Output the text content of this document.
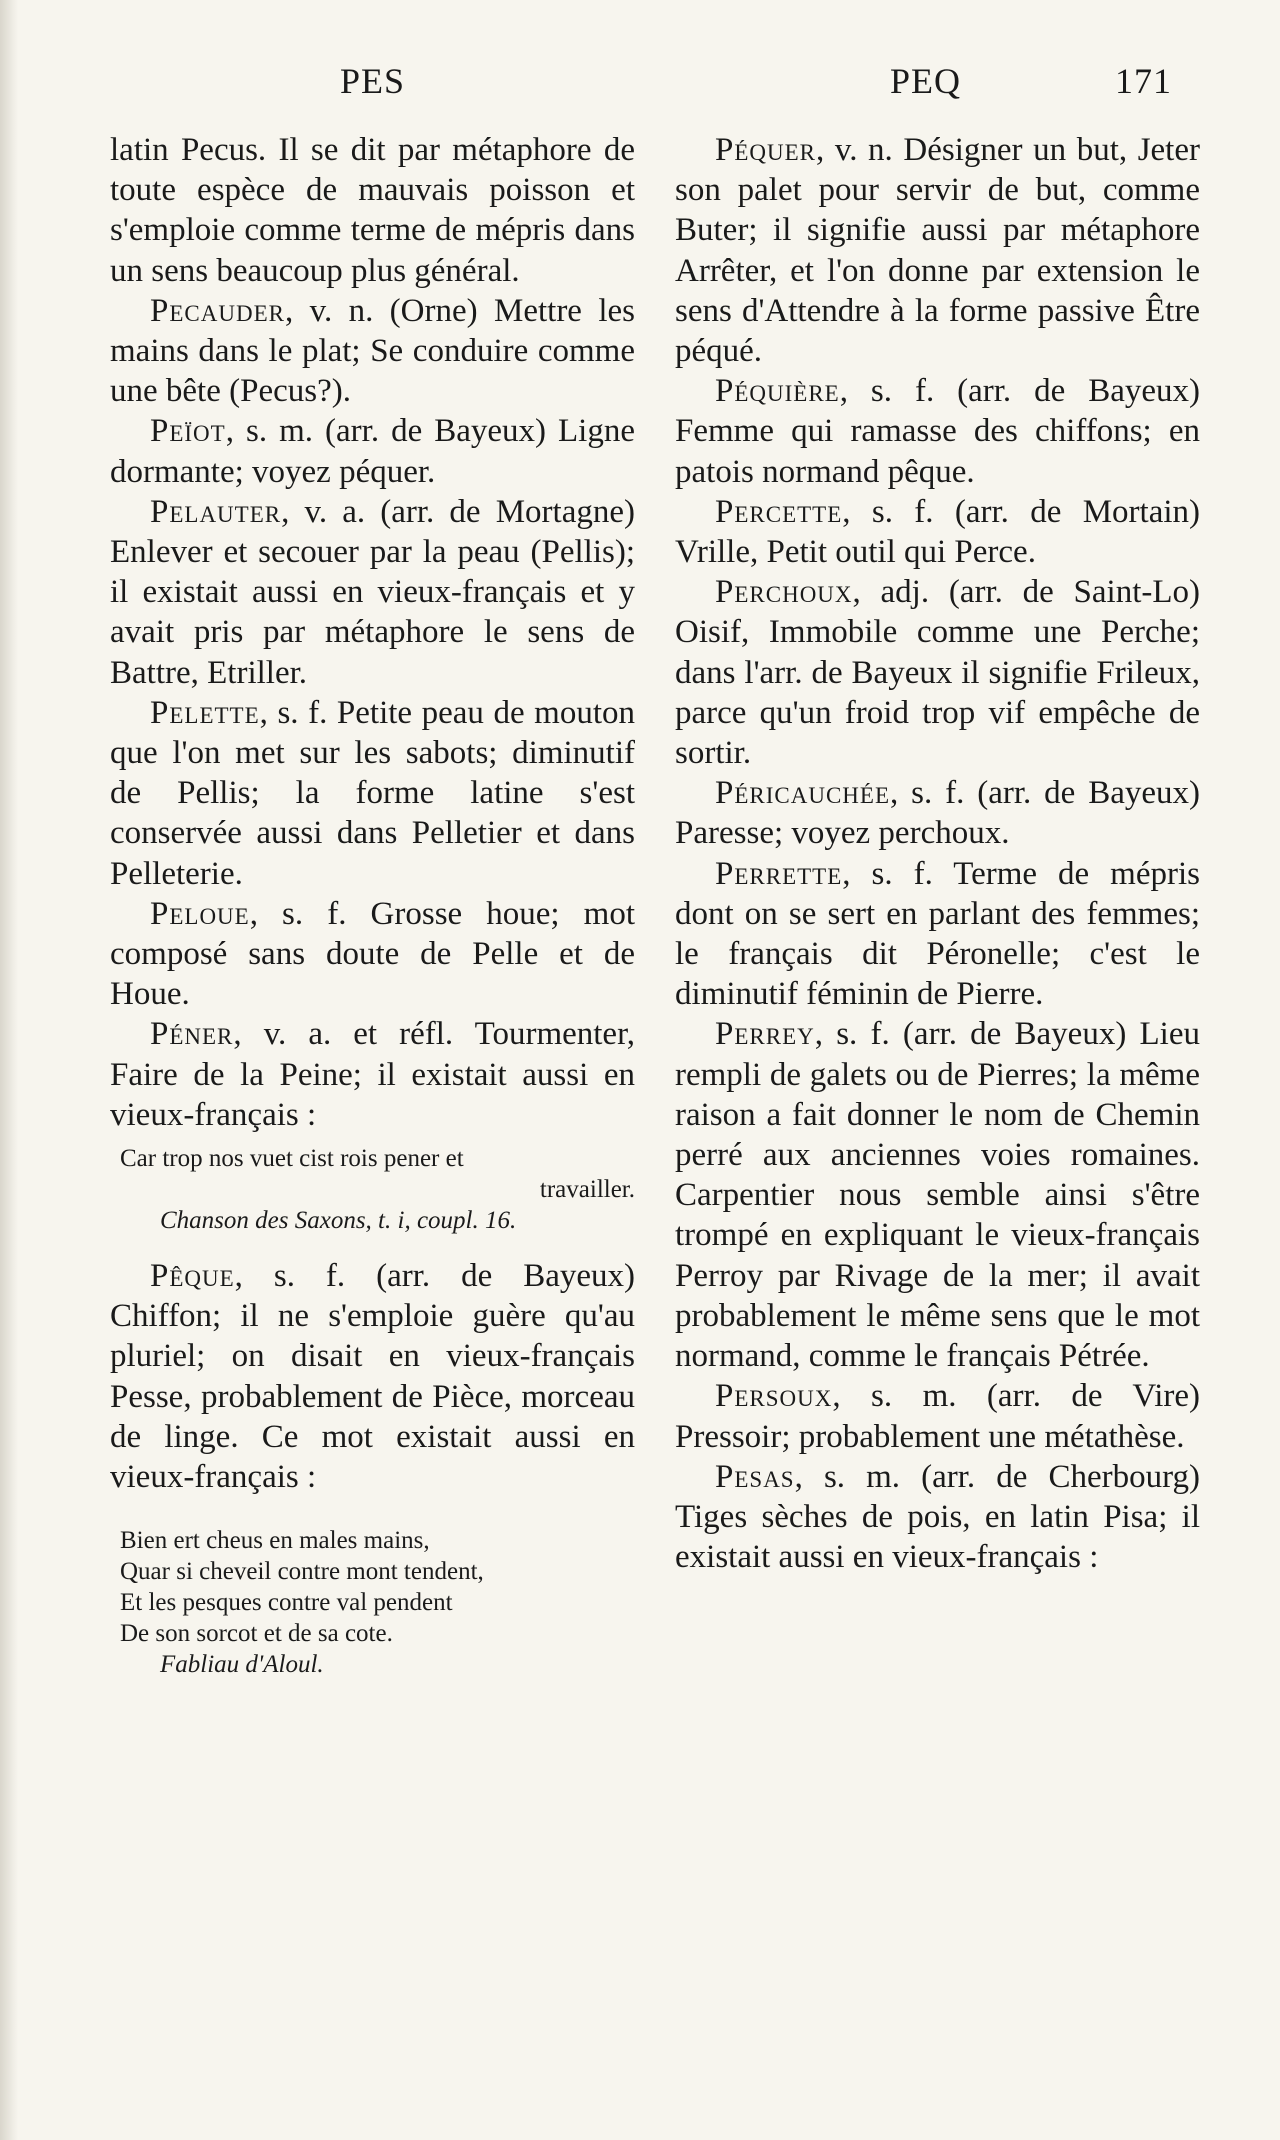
PES	PEQ	171

latin Pecus. Il se dit par métaphore de toute espèce de mauvais poisson et s'emploie comme terme de mépris dans un sens beaucoup plus général.

Pecauder, v. n. (Orne) Mettre les mains dans le plat; Se conduire comme une bête (Pecus?).

Peïot, s. m. (arr. de Bayeux) Ligne dormante; voyez péquer.

Pelauter, v. a. (arr. de Mortagne) Enlever et secouer par la peau (Pellis); il existait aussi en vieux-français et y avait pris par métaphore le sens de Battre, Etriller.

Pelette, s. f. Petite peau de mouton que l'on met sur les sabots; diminutif de Pellis; la forme latine s'est conservée aussi dans Pelletier et dans Pelleterie.

Peloue, s. f. Grosse houe; mot composé sans doute de Pelle et de Houe.

Péner, v. a. et réfl. Tourmenter, Faire de la Peine; il existait aussi en vieux-français :

Car trop nos vuet cist rois pener et
travailler.
Chanson des Saxons, t. i, coupl. 16.

Pêque, s. f. (arr. de Bayeux) Chiffon; il ne s'emploie guère qu'au pluriel; on disait en vieux-français Pesse, probablement de Pièce, morceau de linge. Ce mot existait aussi en vieux-français :

Bien ert cheus en males mains,
Quar si cheveil contre mont tendent,
Et les pesques contre val pendent
De son sorcot et de sa cote.
Fabliau d'Aloul.

Péquer, v. n. Désigner un but, Jeter son palet pour servir de but, comme Buter; il signifie aussi par métaphore Arrêter, et l'on donne par extension le sens d'Attendre à la forme passive Être péqué.

Péquière, s. f. (arr. de Bayeux) Femme qui ramasse des chiffons; en patois normand pêque.

Percette, s. f. (arr. de Mortain) Vrille, Petit outil qui Perce.

Perchoux, adj. (arr. de Saint-Lo) Oisif, Immobile comme une Perche; dans l'arr. de Bayeux il signifie Frileux, parce qu'un froid trop vif empêche de sortir.

Péricauchée, s. f. (arr. de Bayeux) Paresse; voyez perchoux.

Perrette, s. f. Terme de mépris dont on se sert en parlant des femmes; le français dit Péronelle; c'est le diminutif féminin de Pierre.

Perrey, s. f. (arr. de Bayeux) Lieu rempli de galets ou de Pierres; la même raison a fait donner le nom de Chemin perré aux anciennes voies romaines. Carpentier nous semble ainsi s'être trompé en expliquant le vieux-français Perroy par Rivage de la mer; il avait probablement le même sens que le mot normand, comme le français Pétrée.

Persoux, s. m. (arr. de Vire) Pressoir; probablement une métathèse.

Pesas, s. m. (arr. de Cherbourg) Tiges sèches de pois, en latin Pisa; il existait aussi en vieux-français :
